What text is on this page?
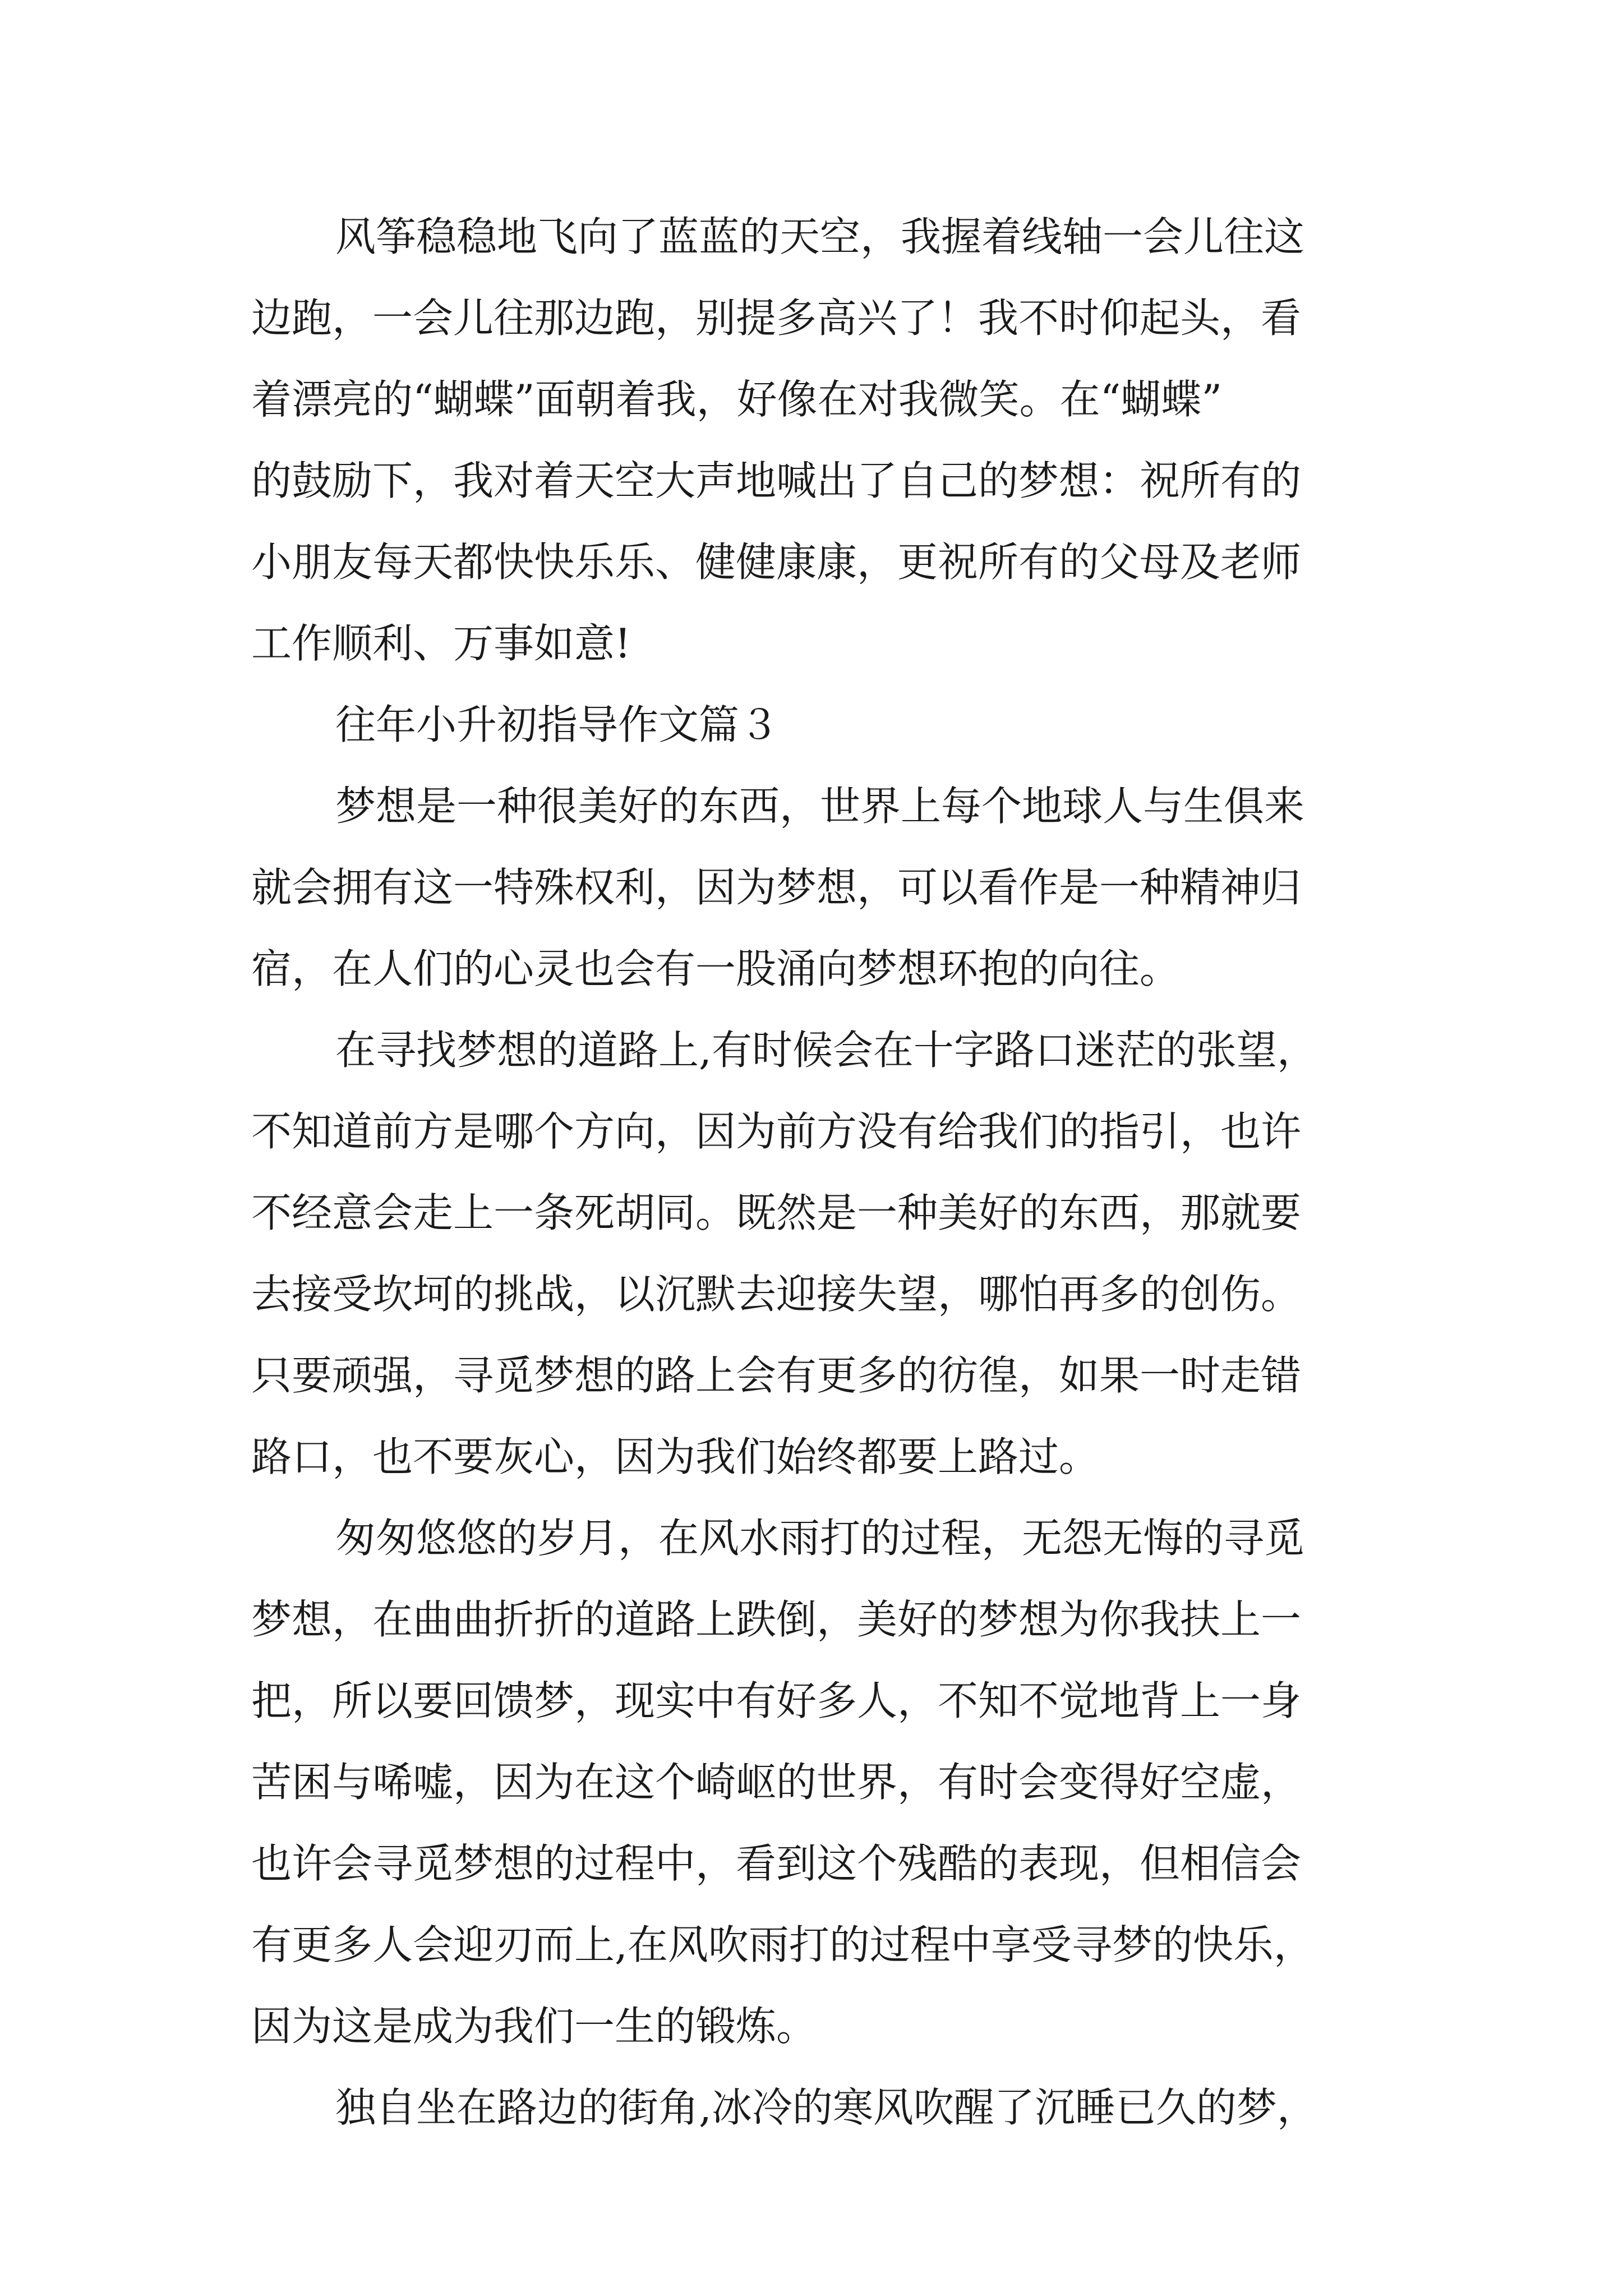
风筝稳稳地飞向了蓝蓝的天空，我握着线轴一会儿往这
边跑，一会儿往那边跑，别提多高兴了！我不时仰起头，看
着漂亮的“蝴蝶”面朝着我，好像在对我微笑。在“蝴蝶”
的鼓励下，我对着天空大声地喊出了自己的梦想：祝所有的
小朋友每天都快快乐乐、健健康康，更祝所有的父母及老师
工作顺利、万事如意!
往年小升初指导作文篇３
梦想是一种很美好的东西，世界上每个地球人与生俱来
就会拥有这一特殊权利，因为梦想，可以看作是一种精神归
宿，在人们的心灵也会有一股涌向梦想环抱的向往。
在寻找梦想的道路上,有时候会在十字路口迷茫的张望，
不知道前方是哪个方向，因为前方没有给我们的指引，也许
不经意会走上一条死胡同。既然是一种美好的东西，那就要
去接受坎坷的挑战，以沉默去迎接失望，哪怕再多的创伤。
只要顽强，寻觅梦想的路上会有更多的彷徨，如果一时走错
路口，也不要灰心，因为我们始终都要上路过。
匆匆悠悠的岁月，在风水雨打的过程，无怨无悔的寻觅
梦想，在曲曲折折的道路上跌倒，美好的梦想为你我扶上一
把，所以要回馈梦，现实中有好多人，不知不觉地背上一身
苦困与唏嘘，因为在这个崎岖的世界，有时会变得好空虚，
也许会寻觅梦想的过程中，看到这个残酷的表现，但相信会
有更多人会迎刃而上,在风吹雨打的过程中享受寻梦的快乐，
因为这是成为我们一生的锻炼。
独自坐在路边的街角,冰冷的寒风吹醒了沉睡已久的梦，
